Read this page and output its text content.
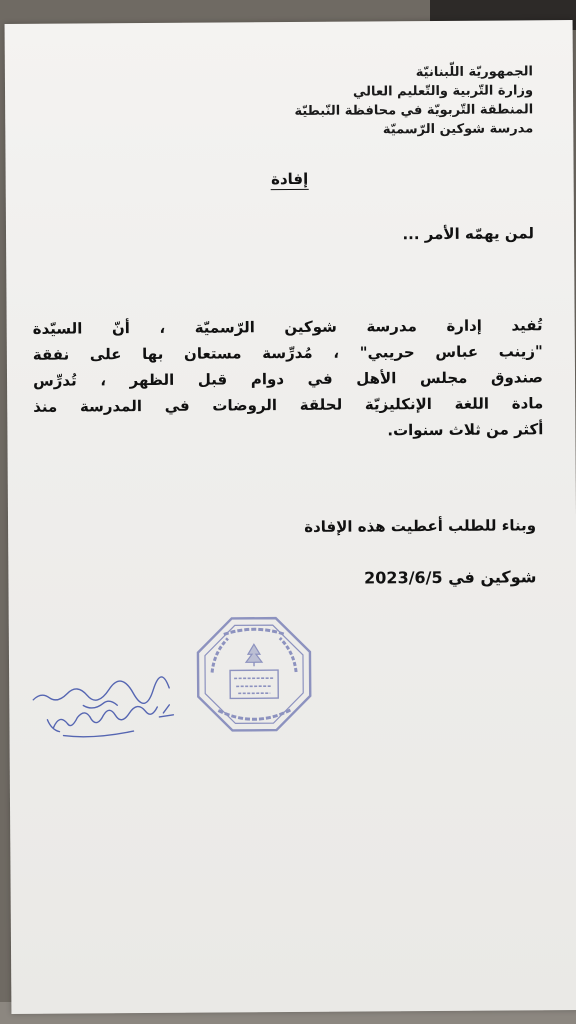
الجمهوريّة اللّبنانيّة
وزارة التّربية والتّعليم العالي
المنطقة التّربويّة في محافظة النّبطيّة
مدرسة شوكين الرّسميّة
إفادة
لمن يهمّه الأمر ...
تُفيد إدارة مدرسة شوكين الرّسميّة ، أنّ السيّدة
"زينب عباس حريبي" ، مُدرِّسة مستعان بها على نفقة
صندوق مجلس الأهل في دوام قبل الظهر ، تُدرِّس
مادة اللغة الإنكليزيّة لحلقة الروضات في المدرسة منذ
أكثر من ثلاث سنوات.
وبناء للطلب أعطيت هذه الإفادة
شوكين في 2023/6/5
